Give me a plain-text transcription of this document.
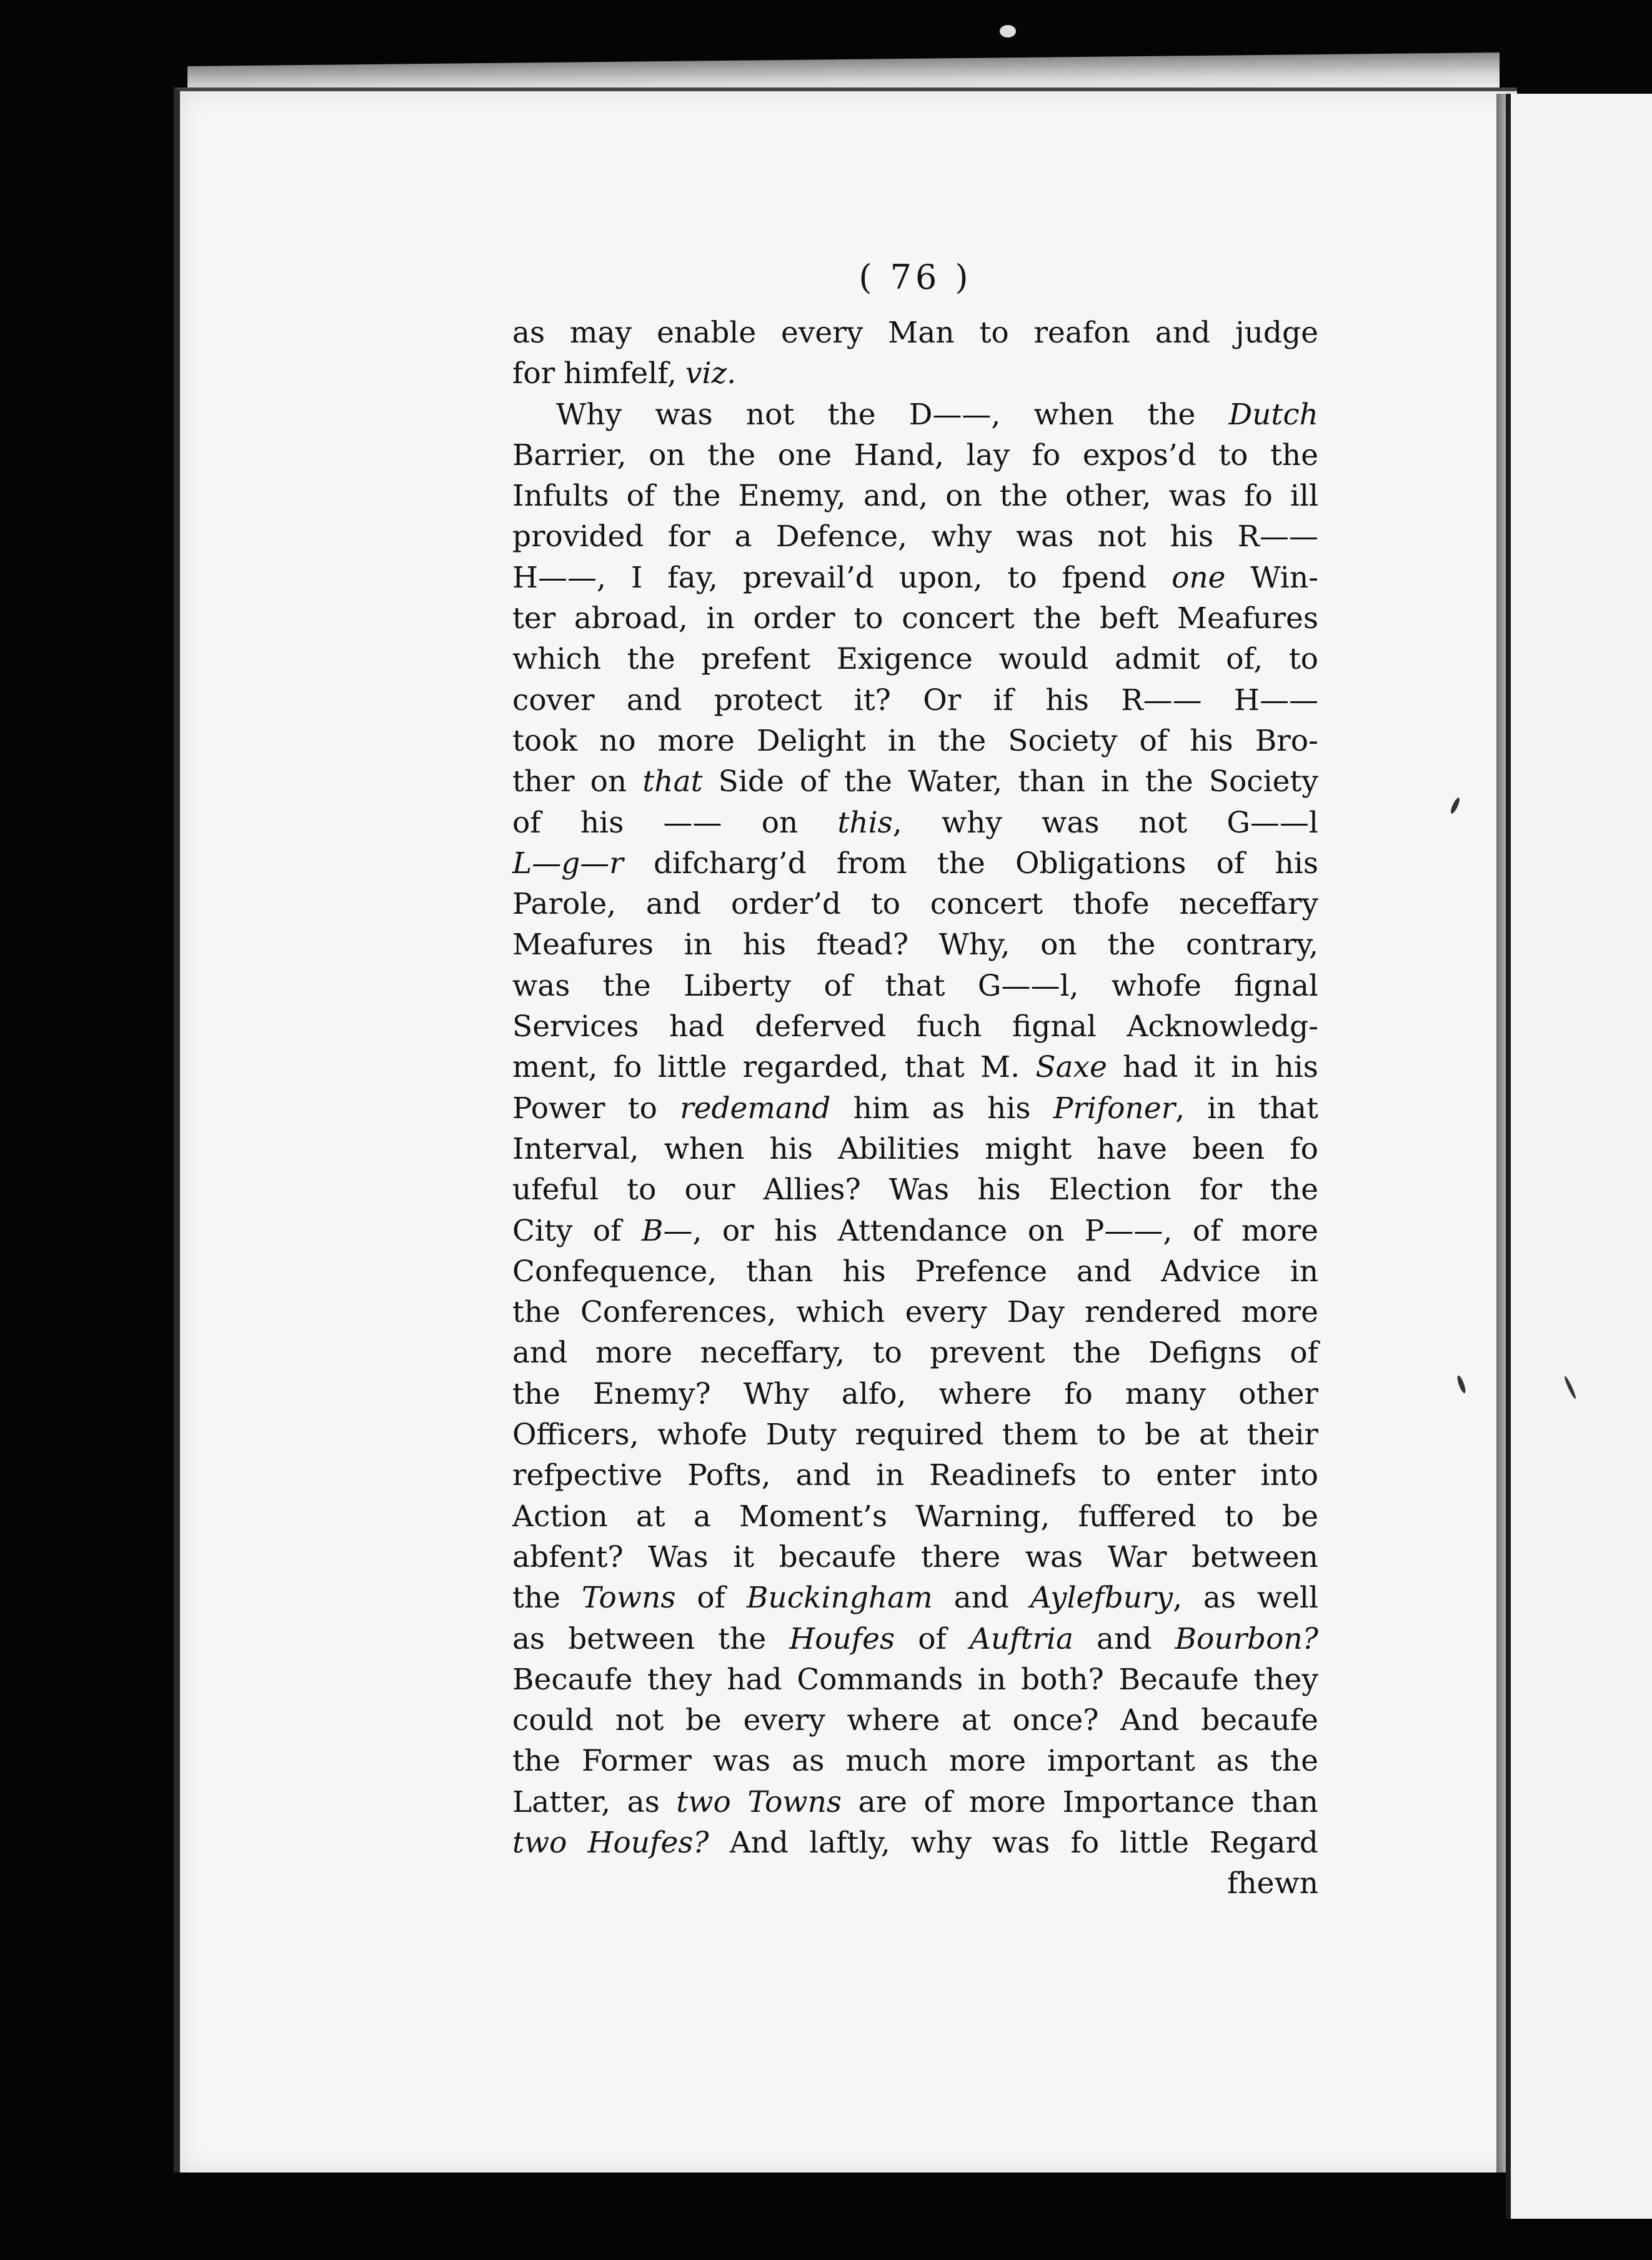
( 76 )
as may enable every Man to reafon and judge
for himfelf, viz.
Why was not the D——, when the Dutch
Barrier, on the one Hand, lay fo expos’d to the
Infults of the Enemy, and, on the other, was fo ill
provided for a Defence, why was not his R——
H——, I fay, prevail’d upon, to fpend one Win-
ter abroad, in order to concert the beft Meafures
which the prefent Exigence would admit of, to
cover and protect it? Or if his R—— H——
took no more Delight in the Society of his Bro-
ther on that Side of the Water, than in the Society
of his —— on this, why was not G——l
L—g—r difcharg’d from the Obligations of his
Parole, and order’d to concert thofe neceffary
Meafures in his ftead? Why, on the contrary,
was the Liberty of that G——l, whofe fignal
Services had deferved fuch fignal Acknowledg-
ment, fo little regarded, that M. Saxe had it in his
Power to redemand him as his Prifoner, in that
Interval, when his Abilities might have been fo
ufeful to our Allies? Was his Election for the
City of B—, or his Attendance on P——, of more
Confequence, than his Prefence and Advice in
the Conferences, which every Day rendered more
and more neceffary, to prevent the Defigns of
the Enemy? Why alfo, where fo many other
Officers, whofe Duty required them to be at their
refpective Pofts, and in Readinefs to enter into
Action at a Moment’s Warning, fuffered to be
abfent? Was it becaufe there was War between
the Towns of Buckingham and Aylefbury, as well
as between the Houfes of Auftria and Bourbon?
Becaufe they had Commands in both? Becaufe they
could not be every where at once? And becaufe
the Former was as much more important as the
Latter, as two Towns are of more Importance than
two Houfes? And laftly, why was fo little Regard
fhewn
